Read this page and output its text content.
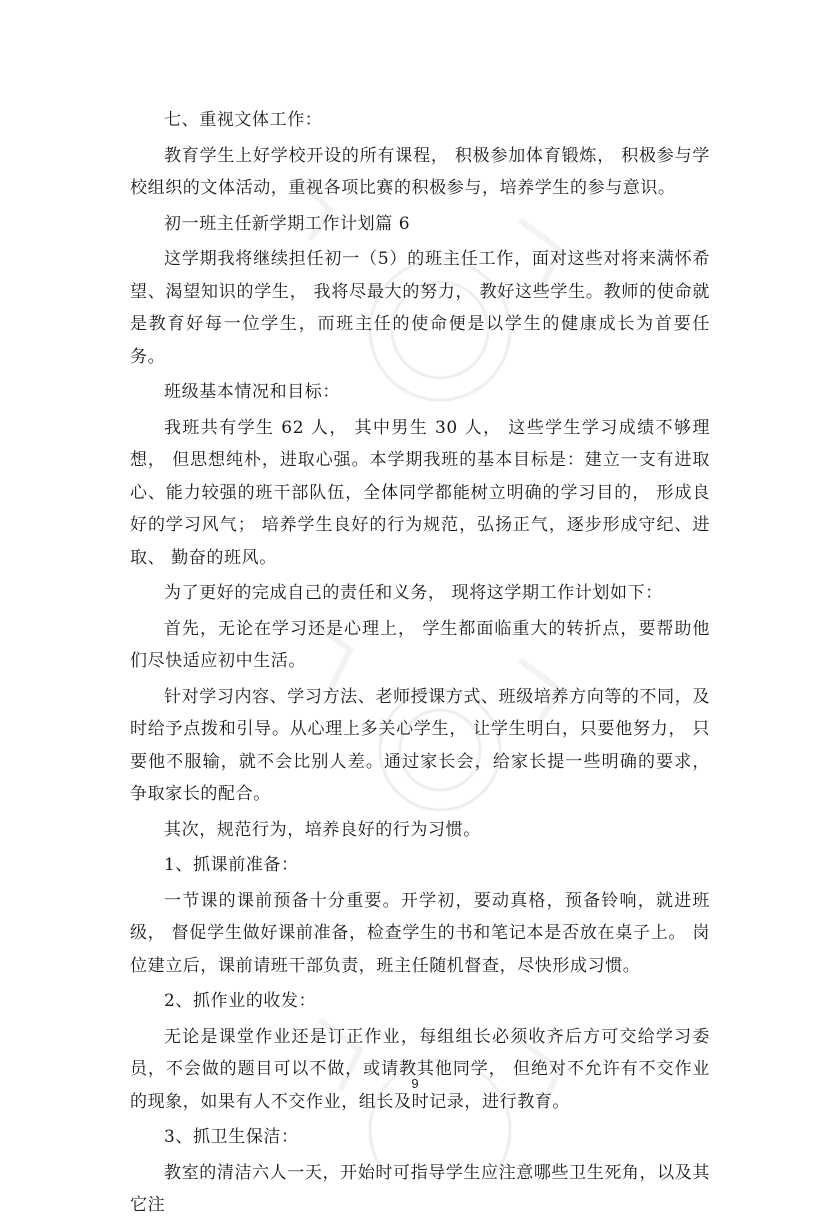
七、重视文体工作：

教育学生上好学校开设的所有课程， 积极参加体育锻炼， 积极参与学校组织的文体活动，重视各项比赛的积极参与，培养学生的参与意识。

初一班主任新学期工作计划篇 6

这学期我将继续担任初一（5）的班主任工作，面对这些对将来满怀希望、渴望知识的学生， 我将尽最大的努力， 教好这些学生。教师的使命就是教育好每一位学生，而班主任的使命便是以学生的健康成长为首要任务。

班级基本情况和目标：

我班共有学生 62 人， 其中男生 30 人， 这些学生学习成绩不够理想， 但思想纯朴，进取心强。本学期我班的基本目标是：建立一支有进取心、能力较强的班干部队伍，全体同学都能树立明确的学习目的， 形成良好的学习风气； 培养学生良好的行为规范，弘扬正气，逐步形成守纪、进取、 勤奋的班风。

为了更好的完成自己的责任和义务， 现将这学期工作计划如下：

首先，无论在学习还是心理上， 学生都面临重大的转折点，要帮助他们尽快适应初中生活。

针对学习内容、学习方法、老师授课方式、班级培养方向等的不同，及时给予点拨和引导。从心理上多关心学生， 让学生明白，只要他努力， 只要他不服输，就不会比别人差。通过家长会，给家长提一些明确的要求，争取家长的配合。

其次，规范行为，培养良好的行为习惯。

1、抓课前准备：

一节课的课前预备十分重要。开学初，要动真格，预备铃响，就进班级， 督促学生做好课前准备，检查学生的书和笔记本是否放在桌子上。 岗位建立后，课前请班干部负责，班主任随机督查，尽快形成习惯。

2、抓作业的收发：

无论是课堂作业还是订正作业，每组组长必须收齐后方可交给学习委员，不会做的题目可以不做，或请教其他同学， 但绝对不允许有不交作业的现象，如果有人不交作业，组长及时记录，进行教育。

3、抓卫生保洁：

教室的清洁六人一天，开始时可指导学生应注意哪些卫生死角，以及其它注

9
